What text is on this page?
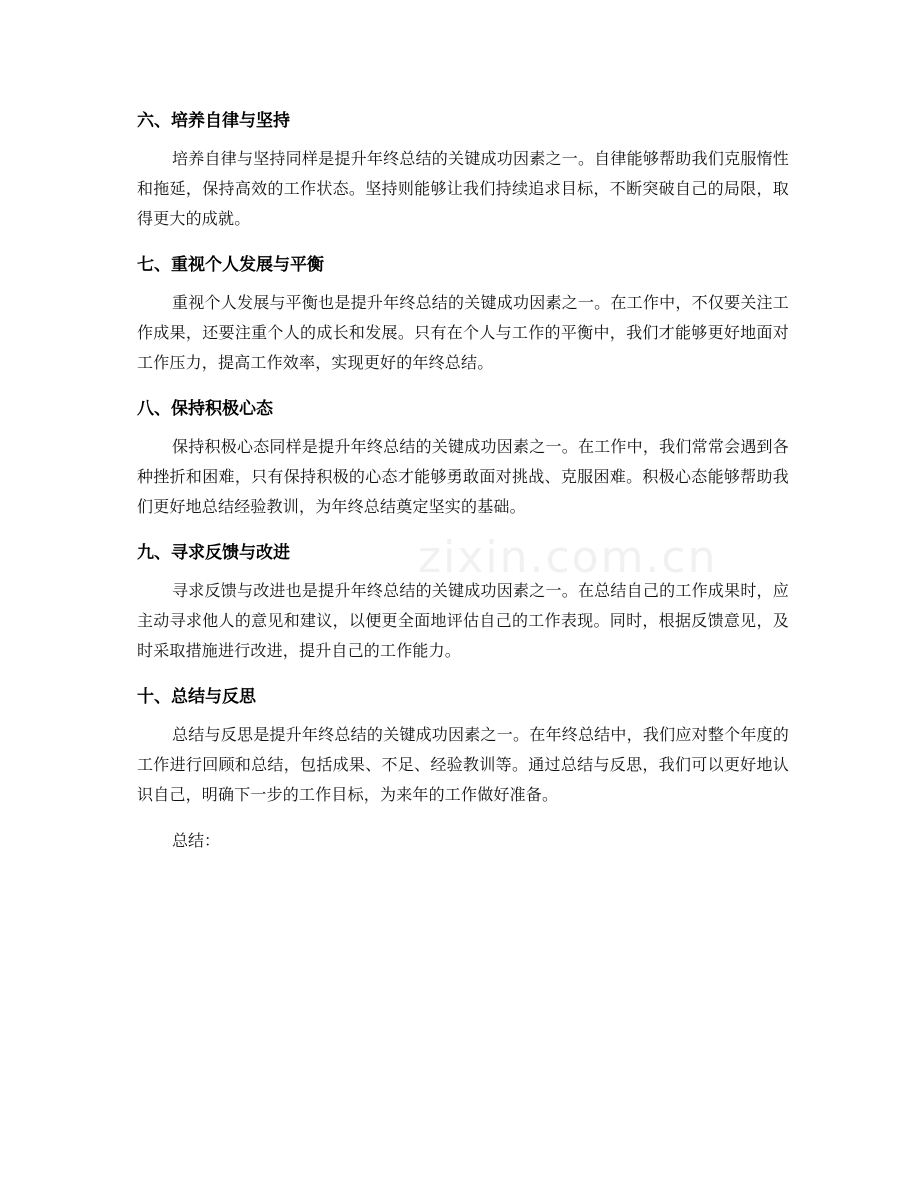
六、培养自律与坚持

培养自律与坚持同样是提升年终总结的关键成功因素之一。自律能够帮助我们克服惰性和拖延，保持高效的工作状态。坚持则能够让我们持续追求目标，不断突破自己的局限，取得更大的成就。

七、重视个人发展与平衡

重视个人发展与平衡也是提升年终总结的关键成功因素之一。在工作中，不仅要关注工作成果，还要注重个人的成长和发展。只有在个人与工作的平衡中，我们才能够更好地面对工作压力，提高工作效率，实现更好的年终总结。

八、保持积极心态

保持积极心态同样是提升年终总结的关键成功因素之一。在工作中，我们常常会遇到各种挫折和困难，只有保持积极的心态才能够勇敢面对挑战、克服困难。积极心态能够帮助我们更好地总结经验教训，为年终总结奠定坚实的基础。

九、寻求反馈与改进

寻求反馈与改进也是提升年终总结的关键成功因素之一。在总结自己的工作成果时，应主动寻求他人的意见和建议，以便更全面地评估自己的工作表现。同时，根据反馈意见，及时采取措施进行改进，提升自己的工作能力。

十、总结与反思

总结与反思是提升年终总结的关键成功因素之一。在年终总结中，我们应对整个年度的工作进行回顾和总结，包括成果、不足、经验教训等。通过总结与反思，我们可以更好地认识自己，明确下一步的工作目标，为来年的工作做好准备。

总结：

zixin.com.cn
